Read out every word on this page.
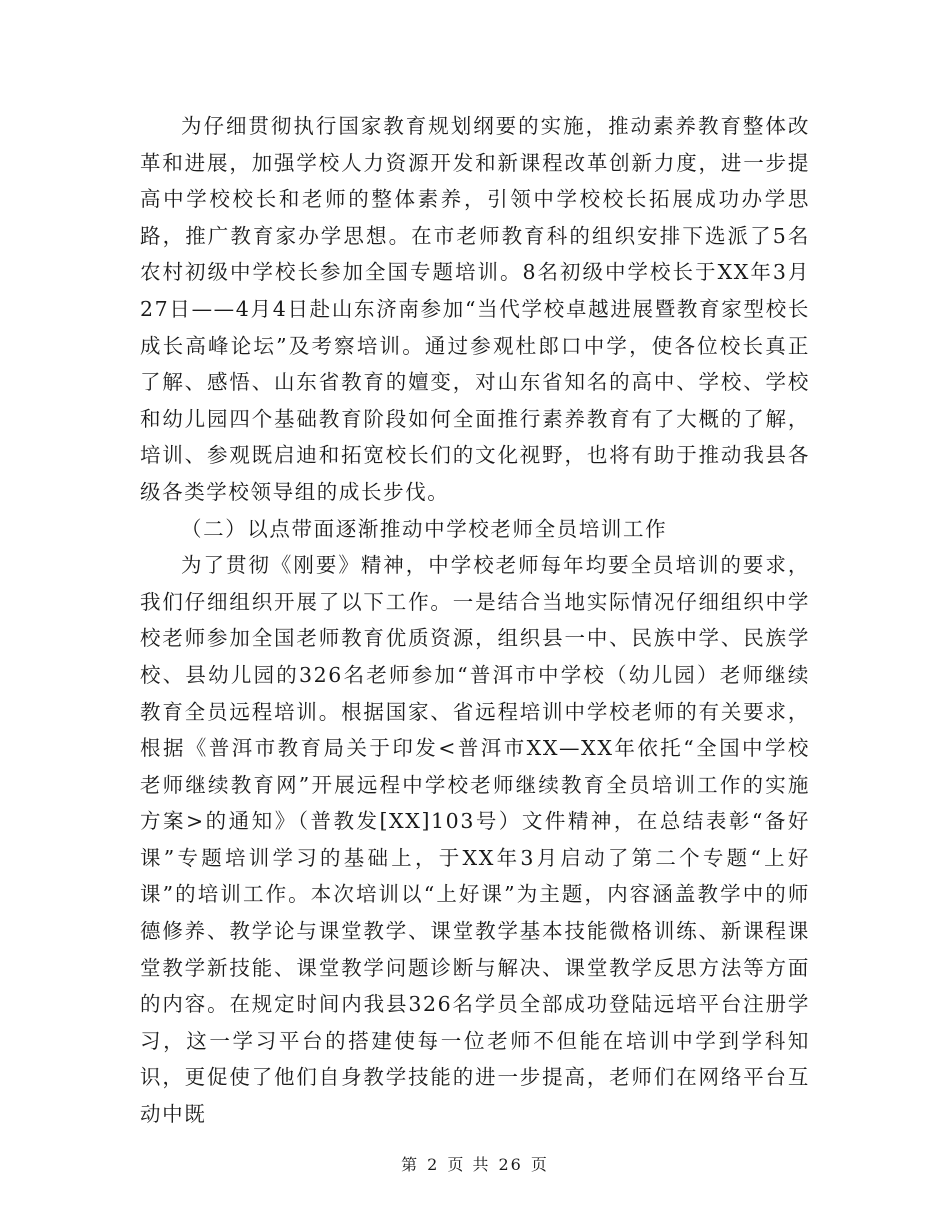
为仔细贯彻执行国家教育规划纲要的实施，推动素养教育整体改革和进展，加强学校人力资源开发和新课程改革创新力度，进一步提高中学校校长和老师的整体素养，引领中学校校长拓展成功办学思路，推广教育家办学思想。在市老师教育科的组织安排下选派了5名农村初级中学校长参加全国专题培训。8名初级中学校长于XX年3月27日——4月4日赴山东济南参加“当代学校卓越进展暨教育家型校长成长高峰论坛”及考察培训。通过参观杜郎口中学，使各位校长真正了解、感悟、山东省教育的嬗变，对山东省知名的高中、学校、学校和幼儿园四个基础教育阶段如何全面推行素养教育有了大概的了解，培训、参观既启迪和拓宽校长们的文化视野，也将有助于推动我县各级各类学校领导组的成长步伐。

（二）以点带面逐渐推动中学校老师全员培训工作

为了贯彻《刚要》精神，中学校老师每年均要全员培训的要求，我们仔细组织开展了以下工作。一是结合当地实际情况仔细组织中学校老师参加全国老师教育优质资源，组织县一中、民族中学、民族学校、县幼儿园的326名老师参加“普洱市中学校（幼儿园）老师继续教育全员远程培训。根据国家、省远程培训中学校老师的有关要求，根据《普洱市教育局关于印发<普洱市XX—XX年依托“全国中学校老师继续教育网”开展远程中学校老师继续教育全员培训工作的实施方案>的通知》（普教发[XX]103号）文件精神，在总结表彰“备好课”专题培训学习的基础上，于XX年3月启动了第二个专题“上好课”的培训工作。本次培训以“上好课”为主题，内容涵盖教学中的师德修养、教学论与课堂教学、课堂教学基本技能微格训练、新课程课堂教学新技能、课堂教学问题诊断与解决、课堂教学反思方法等方面的内容。在规定时间内我县326名学员全部成功登陆远培平台注册学习，这一学习平台的搭建使每一位老师不但能在培训中学到学科知识，更促使了他们自身教学技能的进一步提高，老师们在网络平台互动中既

第 2 页 共 26 页
